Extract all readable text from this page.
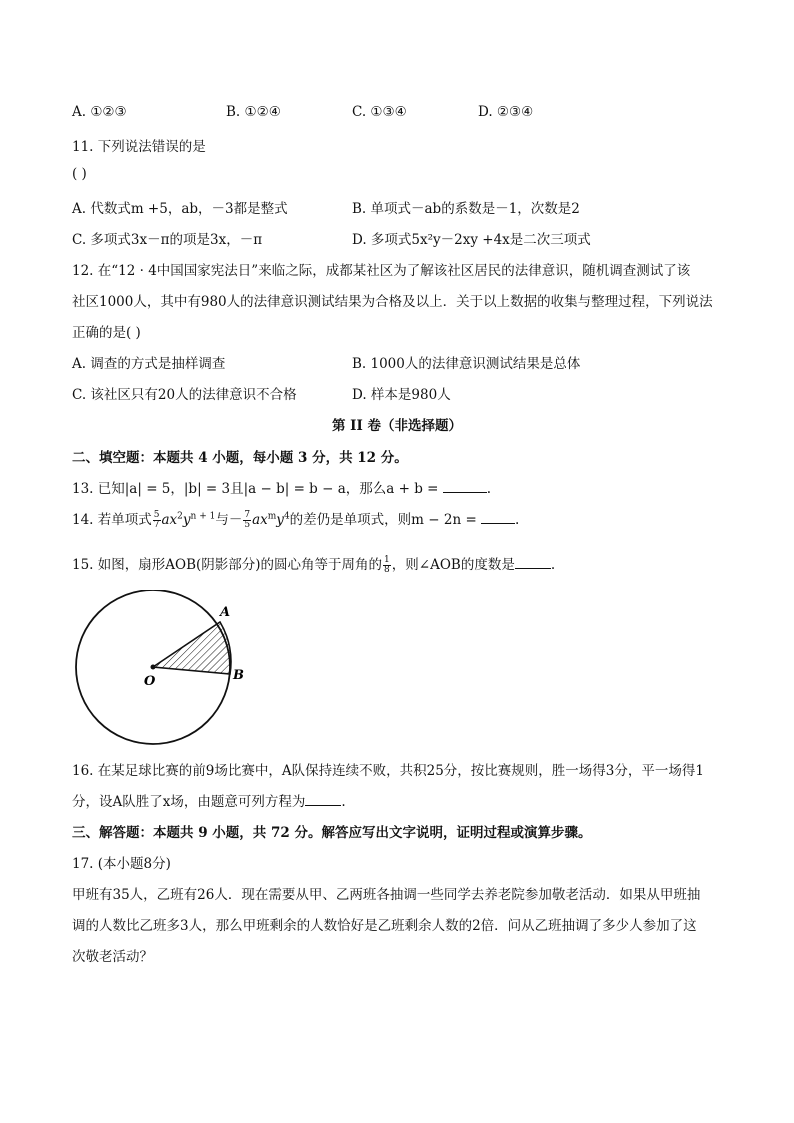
A. ①②③	B. ①②④	C. ①③④	D. ②③④
11. 下列说法错误的是
( )
A. 代数式m +5，ab，－3都是整式	B. 单项式－ab的系数是－1，次数是2
C. 多项式3x－π的项是3x，－π	D. 多项式5x²y－2xy +4x是二次三项式
12. 在“12 · 4中国国家宪法日”来临之际，成都某社区为了解该社区居民的法律意识，随机调查测试了该
社区1000人，其中有980人的法律意识测试结果为合格及以上．关于以上数据的收集与整理过程，下列说法
正确的是( )
A. 调查的方式是抽样调查	B. 1000人的法律意识测试结果是总体
C. 该社区只有20人的法律意识不合格	D. 样本是980人
第 II 卷（非选择题）
二、填空题：本题共 4 小题，每小题 3 分，共 12 分。
13. 已知|a| = 5，|b| = 3且|a − b| = b − a，那么a + b =	.
14. 若单项式 $\frac{5}{7} ax^2y^{n + 1}$与－ $\frac{7}{5} ax^my^4$的差仍是单项式，则m − 2n =	.
15. 如图，扇形AOB(阴影部分)的圆心角等于周角的 $\frac{1}{8}$ ，则∠AOB的度数是	.
A
B
O
16. 在某足球比赛的前9场比赛中，A队保持连续不败，共积25分，按比赛规则，胜一场得3分，平一场得1
分，设A队胜了x场，由题意可列方程为	.
三、解答题：本题共 9 小题，共 72 分。解答应写出文字说明，证明过程或演算步骤。
17. (本小题8分)
甲班有35人，乙班有26人．现在需要从甲、乙两班各抽调一些同学去养老院参加敬老活动．如果从甲班抽
调的人数比乙班多3人，那么甲班剩余的人数恰好是乙班剩余人数的2倍．问从乙班抽调了多少人参加了这
次敬老活动？
